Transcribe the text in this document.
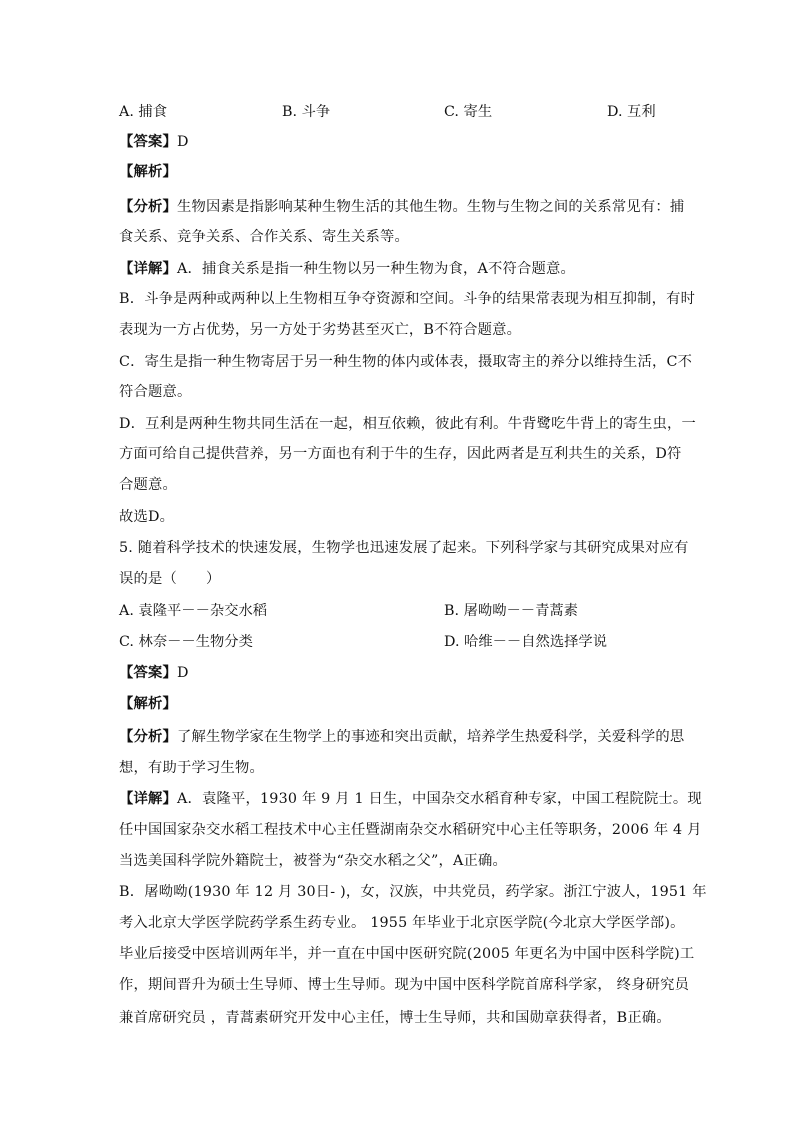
A. 捕食	B. 斗争	C. 寄生	D. 互利
【答案】D
【解析】
【分析】生物因素是指影响某种生物生活的其他生物。生物与生物之间的关系常见有：捕
食关系、竞争关系、合作关系、寄生关系等。
【详解】A．捕食关系是指一种生物以另一种生物为食，A不符合题意。
B．斗争是两种或两种以上生物相互争夺资源和空间。斗争的结果常表现为相互抑制，有时
表现为一方占优势，另一方处于劣势甚至灭亡，B不符合题意。
C．寄生是指一种生物寄居于另一种生物的体内或体表，摄取寄主的养分以维持生活，C不
符合题意。
D．互利是两种生物共同生活在一起，相互依赖，彼此有利。牛背鹭吃牛背上的寄生虫，一
方面可给自己提供营养，另一方面也有利于牛的生存，因此两者是互利共生的关系，D符
合题意。
故选D。
5. 随着科学技术的快速发展，生物学也迅速发展了起来。下列科学家与其研究成果对应有
误的是（　　）
A. 袁隆平－－杂交水稻	B. 屠呦呦－－青蒿素
C. 林奈－－生物分类	D. 哈维－－自然选择学说
【答案】D
【解析】
【分析】了解生物学家在生物学上的事迹和突出贡献，培养学生热爱科学，关爱科学的思
想，有助于学习生物。
【详解】A．袁隆平，1930 年 9 月 1 日生，中国杂交水稻育种专家，中国工程院院士。现
任中国国家杂交水稻工程技术中心主任暨湖南杂交水稻研究中心主任等职务，2006 年 4 月
当选美国科学院外籍院士，被誉为“杂交水稻之父”，A正确。
B．屠呦呦(1930 年 12 月 30日- )，女，汉族，中共党员，药学家。浙江宁波人，1951 年
考入北京大学医学院药学系生药专业。 1955 年毕业于北京医学院(今北京大学医学部)。
毕业后接受中医培训两年半，并一直在中国中医研究院(2005 年更名为中国中医科学院)工
作，期间晋升为硕士生导师、博士生导师。现为中国中医科学院首席科学家， 终身研究员
兼首席研究员 ，青蒿素研究开发中心主任，博士生导师，共和国勋章获得者，B正确。
